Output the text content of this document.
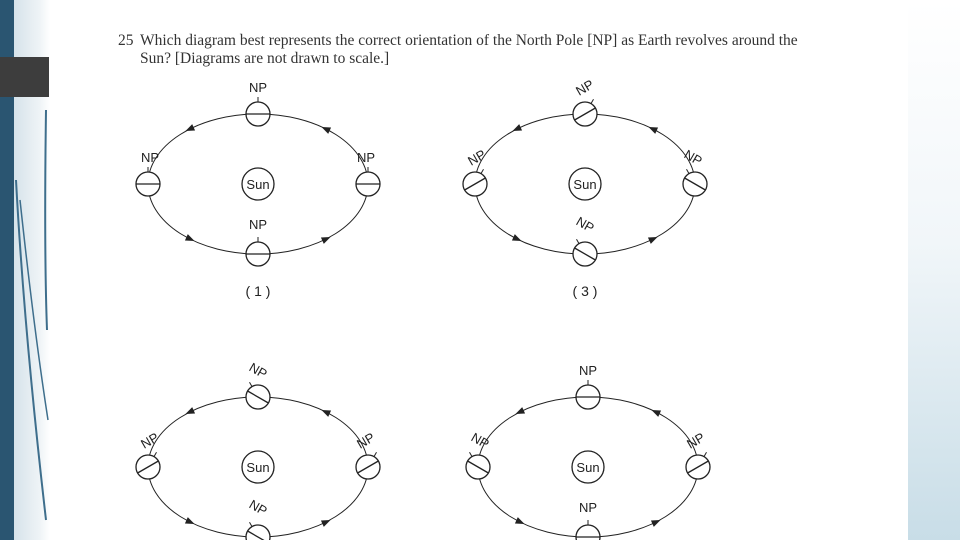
25 Which diagram best represents the correct orientation of the North Pole [NP] as Earth revolves around the
Sun? [Diagrams are not drawn to scale.]
Sun
NP
NP
NP
NP
( 1 )
Sun
NP
NP
NP
NP
( 3 )
Sun
NP
NP
NP
NP
Sun
NP
NP
NP
NP
